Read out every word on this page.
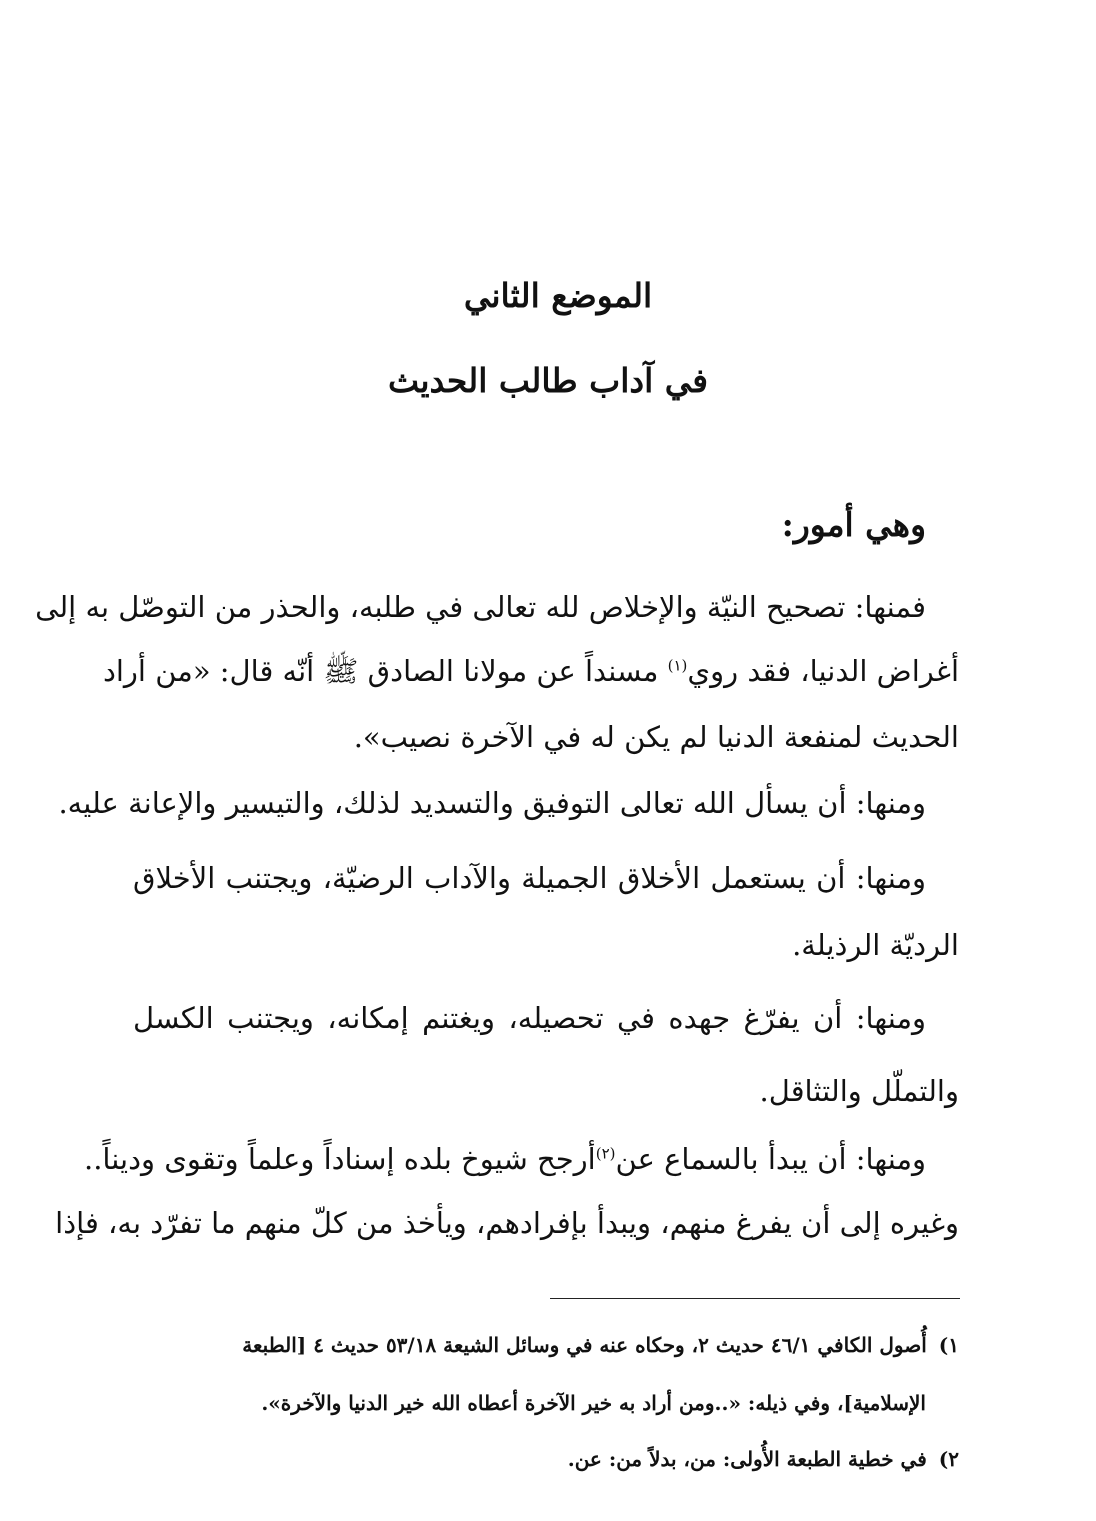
الموضع الثاني
في آداب طالب الحديث
وهي أمور:
فمنها: تصحيح النيّة والإخلاص لله تعالى في طلبه، والحذر من التوصّل به إلى
أغراض الدنيا، فقد روي$^{(١)}$ مسنداً عن مولانا الصادق ﷺ أنّه قال: «من أراد
الحديث لمنفعة الدنيا لم يكن له في الآخرة نصيب».
ومنها: أن يسأل الله تعالى التوفيق والتسديد لذلك، والتيسير والإعانة عليه.
ومنها: أن يستعمل الأخلاق الجميلة والآداب الرضيّة، ويجتنب الأخلاق
الرديّة الرذيلة.
ومنها: أن يفرّغ جهده في تحصيله، ويغتنم إمكانه، ويجتنب الكسل
والتملّل والتثاقل.
ومنها: أن يبدأ بالسماع عن$^{(٢)}$أرجح شيوخ بلده إسناداً وعلماً وتقوى وديناً..
وغيره إلى أن يفرغ منهم، ويبدأ بإفرادهم، ويأخذ من كلّ منهم ما تفرّد به، فإذا
١)أُصول الكافي ٤٦/١ حديث ٢، وحكاه عنه في وسائل الشيعة ٥٣/١٨ حديث ٤ [الطبعة
الإسلامية]، وفي ذيله: «..ومن أراد به خير الآخرة أعطاه الله خير الدنيا والآخرة».
٢)في خطية الطبعة الأُولى: من، بدلاً من: عن.
